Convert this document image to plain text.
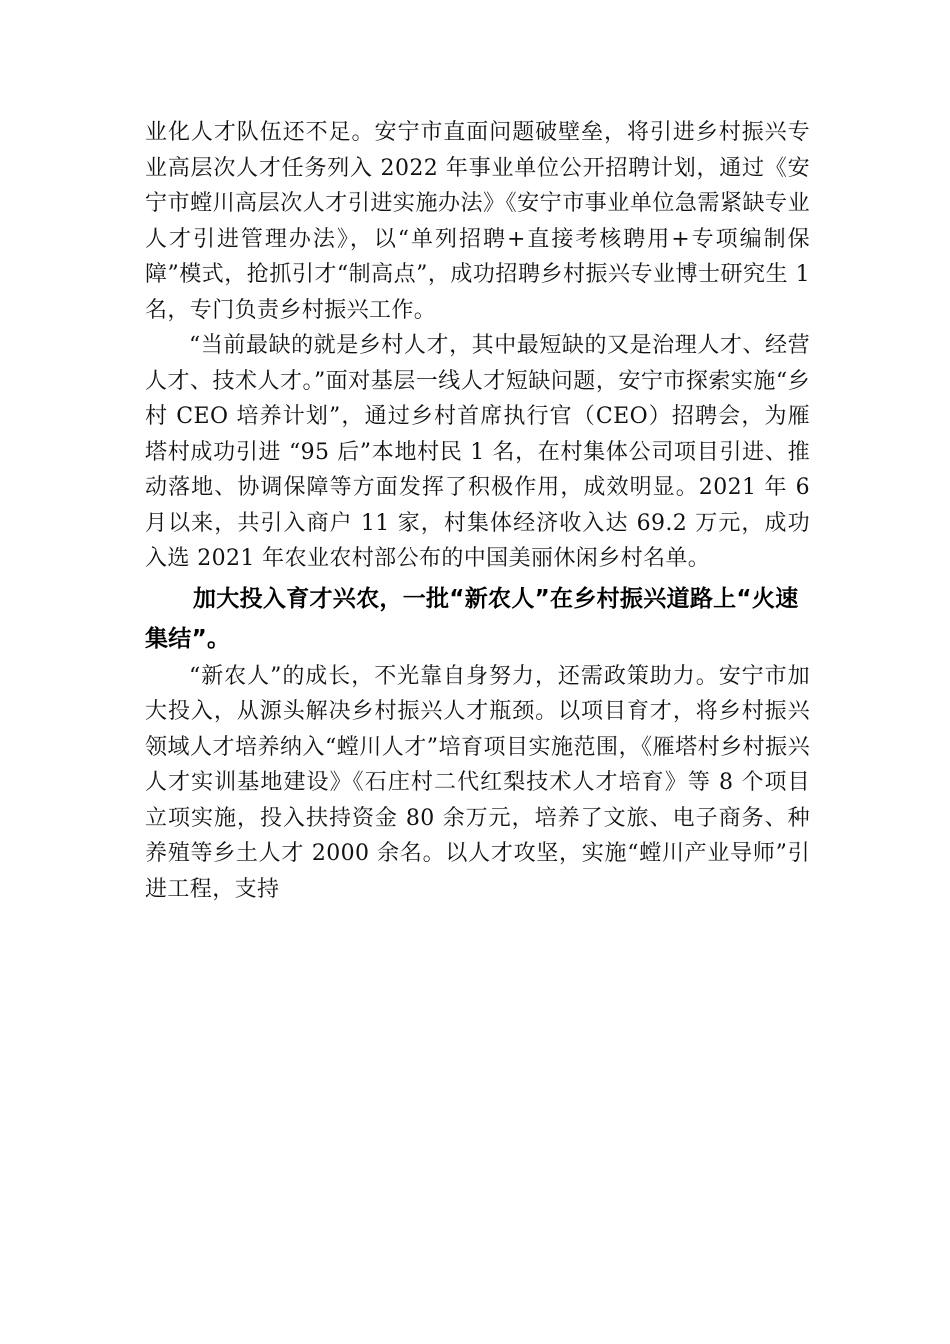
业化人才队伍还不足。安宁市直面问题破壁垒，将引进乡村振兴专业高层次人才任务列入 2022 年事业单位公开招聘计划，通过《安宁市螳川高层次人才引进实施办法》《安宁市事业单位急需紧缺专业人才引进管理办法》，以“单列招聘+直接考核聘用+专项编制保障”模式，抢抓引才“制高点”，成功招聘乡村振兴专业博士研究生 1 名，专门负责乡村振兴工作。

“当前最缺的就是乡村人才，其中最短缺的又是治理人才、经营人才、技术人才。”面对基层一线人才短缺问题，安宁市探索实施“乡村 CEO 培养计划”，通过乡村首席执行官（CEO）招聘会，为雁塔村成功引进 “95 后”本地村民 1 名，在村集体公司项目引进、推动落地、协调保障等方面发挥了积极作用，成效明显。2021 年 6 月以来，共引入商户 11 家，村集体经济收入达 69.2 万元，成功入选 2021 年农业农村部公布的中国美丽休闲乡村名单。

加大投入育才兴农，一批“新农人”在乡村振兴道路上“火速集结”。

“新农人”的成长，不光靠自身努力，还需政策助力。安宁市加大投入，从源头解决乡村振兴人才瓶颈。以项目育才，将乡村振兴领域人才培养纳入“螳川人才”培育项目实施范围，《雁塔村乡村振兴人才实训基地建设》《石庄村二代红梨技术人才培育》等 8 个项目立项实施，投入扶持资金 80 余万元，培养了文旅、电子商务、种养殖等乡土人才 2000 余名。以人才攻坚，实施“螳川产业导师”引进工程，支持
